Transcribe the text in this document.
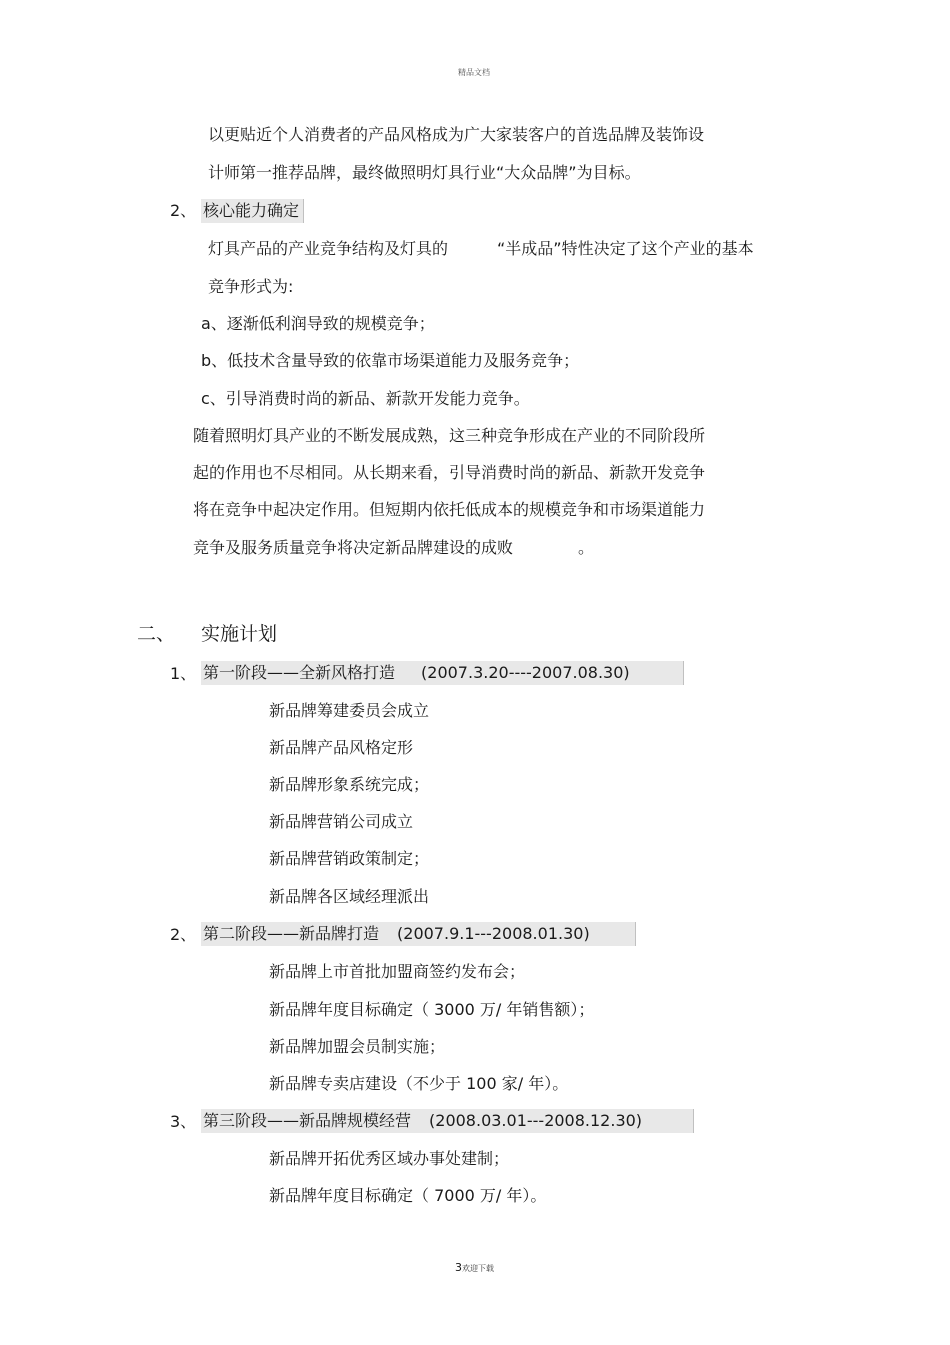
精品文档
以更贴近个人消费者的产品风格成为广大家装客户的首选品牌及装饰设
计师第一推荐品牌，最终做照明灯具行业“大众品牌”为目标。
2、 核心能力确定
灯具产品的产业竞争结构及灯具的	“半成品”特性决定了这个产业的基本
竞争形式为:
a、逐渐低利润导致的规模竞争；
b、低技术含量导致的依靠市场渠道能力及服务竞争；
c、引导消费时尚的新品、新款开发能力竞争。
随着照明灯具产业的不断发展成熟，这三种竞争形成在产业的不同阶段所
起的作用也不尽相同。从长期来看，引导消费时尚的新品、新款开发竞争
将在竞争中起决定作用。但短期内依托低成本的规模竞争和市场渠道能力
竞争及服务质量竞争将决定新品牌建设的成败	。
二、 实施计划
1、 第一阶段——全新风格打造 (2007.3.20----2007.08.30)
新品牌筹建委员会成立
新品牌产品风格定形
新品牌形象系统完成；
新品牌营销公司成立
新品牌营销政策制定；
新品牌各区域经理派出
2、 第二阶段——新品牌打造 (2007.9.1---2008.01.30)
新品牌上市首批加盟商签约发布会；
新品牌年度目标确定（ 3000 万/ 年销售额）；
新品牌加盟会员制实施；
新品牌专卖店建设（不少于 100 家/ 年）。
3、 第三阶段——新品牌规模经营 (2008.03.01---2008.12.30)
新品牌开拓优秀区域办事处建制；
新品牌年度目标确定（ 7000 万/ 年）。
3欢迎下载
